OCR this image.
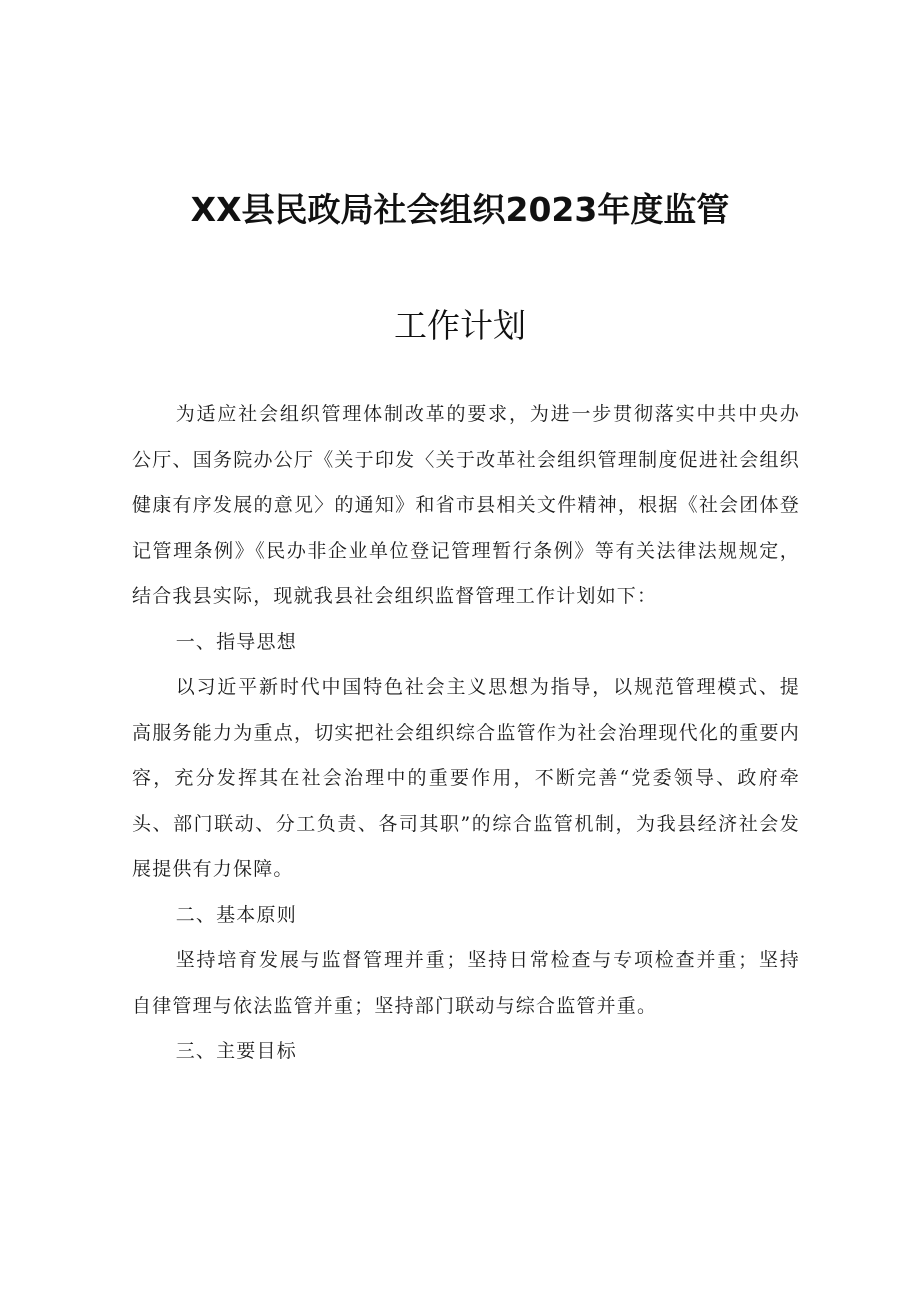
XX县民政局社会组织2023年度监管
工作计划

为适应社会组织管理体制改革的要求，为进一步贯彻落实中共中央办公厅、国务院办公厅《关于印发〈关于改革社会组织管理制度促进社会组织健康有序发展的意见〉的通知》和省市县相关文件精神，根据《社会团体登记管理条例》《民办非企业单位登记管理暂行条例》等有关法律法规规定，结合我县实际，现就我县社会组织监督管理工作计划如下：

一、指导思想

以习近平新时代中国特色社会主义思想为指导，以规范管理模式、提高服务能力为重点，切实把社会组织综合监管作为社会治理现代化的重要内容，充分发挥其在社会治理中的重要作用，不断完善“党委领导、政府牵头、部门联动、分工负责、各司其职”的综合监管机制，为我县经济社会发展提供有力保障。

二、基本原则

坚持培育发展与监督管理并重；坚持日常检查与专项检查并重；坚持自律管理与依法监管并重；坚持部门联动与综合监管并重。

三、主要目标
